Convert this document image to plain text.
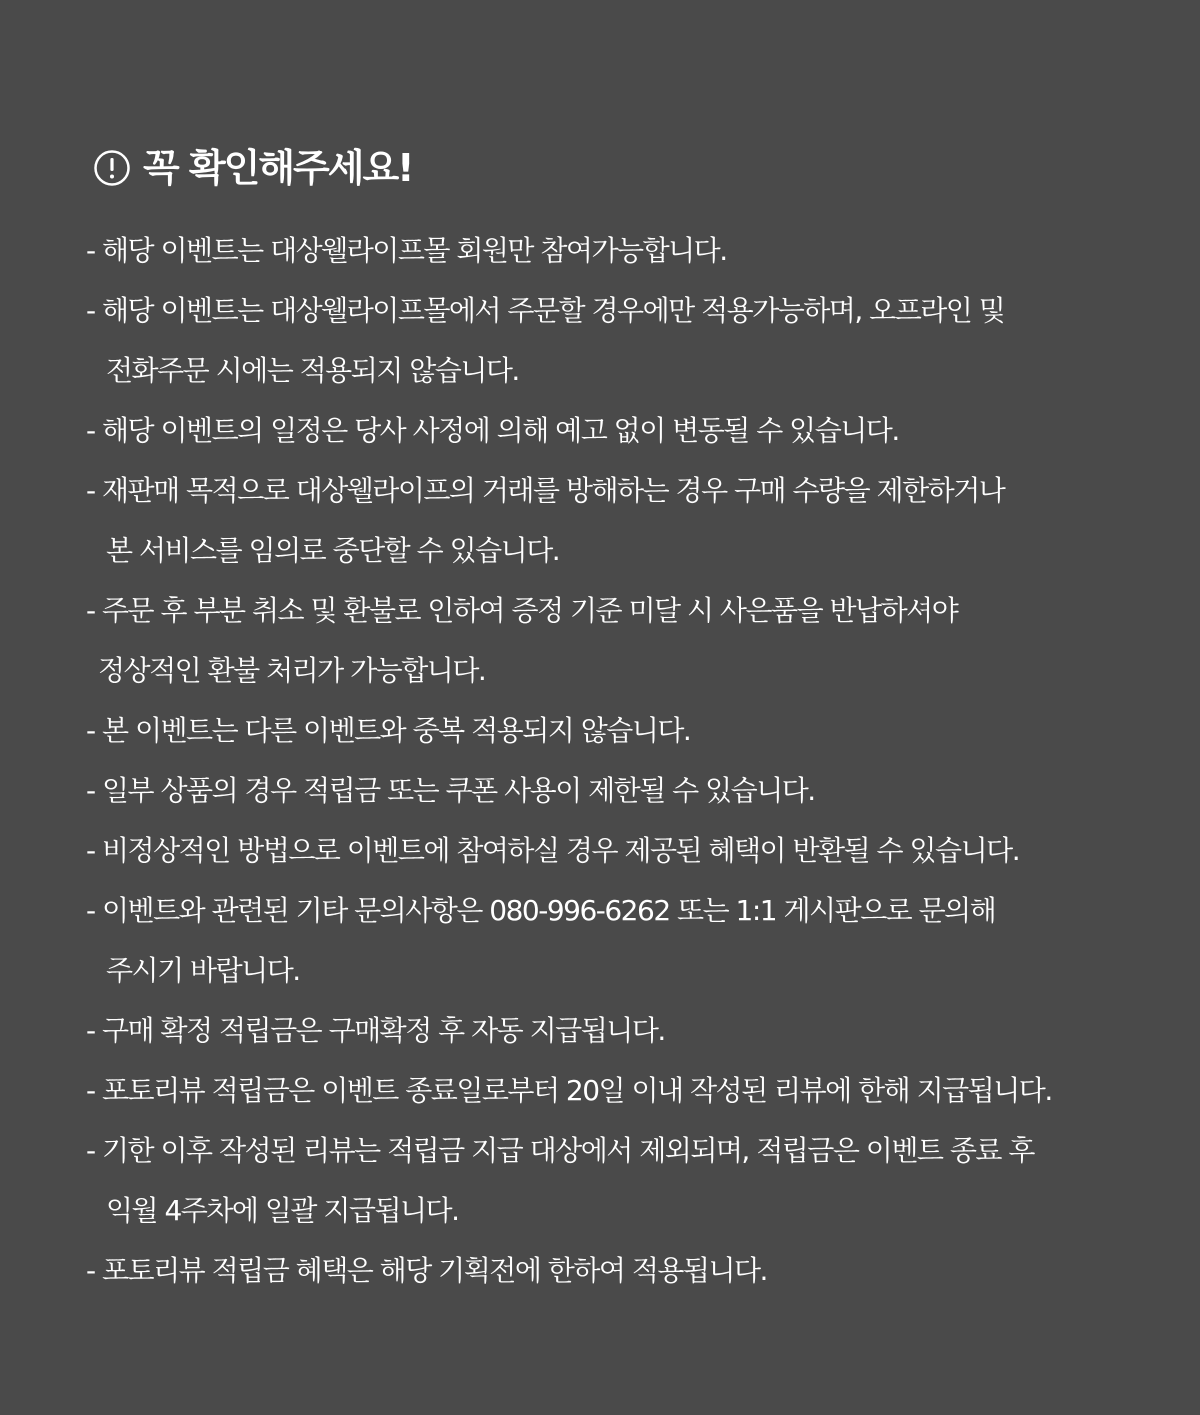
꼭 확인해주세요!
- 해당 이벤트는 대상웰라이프몰 회원만 참여가능합니다.
- 해당 이벤트는 대상웰라이프몰에서 주문할 경우에만 적용가능하며, 오프라인 및
전화주문 시에는 적용되지 않습니다.
- 해당 이벤트의 일정은 당사 사정에 의해 예고 없이 변동될 수 있습니다.
- 재판매 목적으로 대상웰라이프의 거래를 방해하는 경우 구매 수량을 제한하거나
본 서비스를 임의로 중단할 수 있습니다.
- 주문 후 부분 취소 및 환불로 인하여 증정 기준 미달 시 사은품을 반납하셔야
정상적인 환불 처리가 가능합니다.
- 본 이벤트는 다른 이벤트와 중복 적용되지 않습니다.
- 일부 상품의 경우 적립금 또는 쿠폰 사용이 제한될 수 있습니다.
- 비정상적인 방법으로 이벤트에 참여하실 경우 제공된 혜택이 반환될 수 있습니다.
- 이벤트와 관련된 기타 문의사항은 080-996-6262 또는 1:1 게시판으로 문의해
주시기 바랍니다.
- 구매 확정 적립금은 구매확정 후 자동 지급됩니다.
- 포토리뷰 적립금은 이벤트 종료일로부터 20일 이내 작성된 리뷰에 한해 지급됩니다.
- 기한 이후 작성된 리뷰는 적립금 지급 대상에서 제외되며, 적립금은 이벤트 종료 후
익월 4주차에 일괄 지급됩니다.
- 포토리뷰 적립금 혜택은 해당 기획전에 한하여 적용됩니다.
